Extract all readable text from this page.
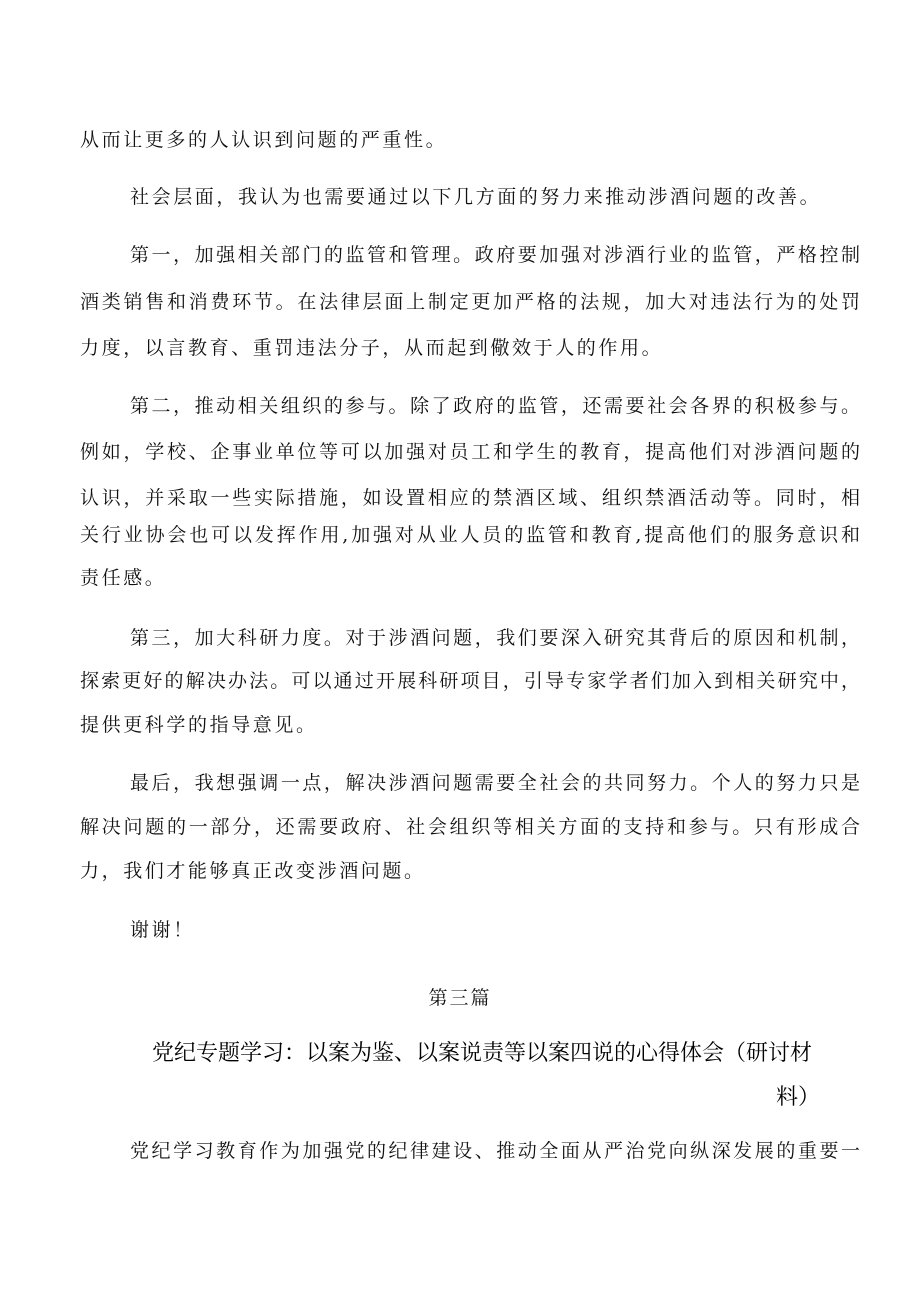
从而让更多的人认识到问题的严重性。
社会层面，我认为也需要通过以下几方面的努力来推动涉酒问题的改善。
第一，加强相关部门的监管和管理。政府要加强对涉酒行业的监管，严格控制
酒类销售和消费环节。在法律层面上制定更加严格的法规，加大对违法行为的处罚
力度，以言教育、重罚违法分子，从而起到儆效于人的作用。
第二，推动相关组织的参与。除了政府的监管，还需要社会各界的积极参与。
例如，学校、企事业单位等可以加强对员工和学生的教育，提高他们对涉酒问题的
认识，并采取一些实际措施，如设置相应的禁酒区域、组织禁酒活动等。同时，相
关行业协会也可以发挥作用,加强对从业人员的监管和教育,提高他们的服务意识和
责任感。
第三，加大科研力度。对于涉酒问题，我们要深入研究其背后的原因和机制，
探索更好的解决办法。可以通过开展科研项目，引导专家学者们加入到相关研究中，
提供更科学的指导意见。
最后，我想强调一点，解决涉酒问题需要全社会的共同努力。个人的努力只是
解决问题的一部分，还需要政府、社会组织等相关方面的支持和参与。只有形成合
力，我们才能够真正改变涉酒问题。
谢谢！
第三篇
党纪专题学习：以案为鉴、以案说责等以案四说的心得体会（研讨材
料）
党纪学习教育作为加强党的纪律建设、推动全面从严治党向纵深发展的重要一
